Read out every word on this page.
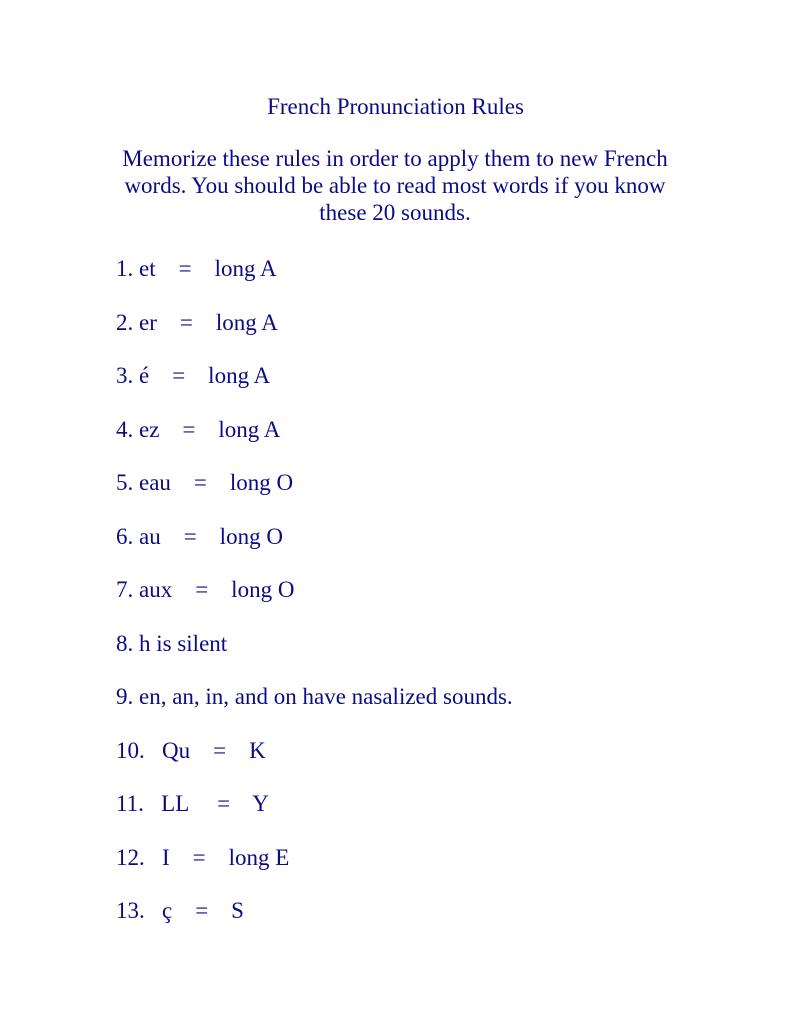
French Pronunciation Rules

Memorize these rules in order to apply them to new French words. You should be able to read most words if you know these 20 sounds.

1. et    =    long A
2. er    =    long A
3. é    =    long A
4. ez    =    long A
5. eau    =    long O
6. au    =    long O
7. aux    =    long O
8. h is silent
9. en, an, in, and on have nasalized sounds.
10.   Qu    =    K
11.   LL     =    Y
12.   I    =    long E
13.   ç    =    S
